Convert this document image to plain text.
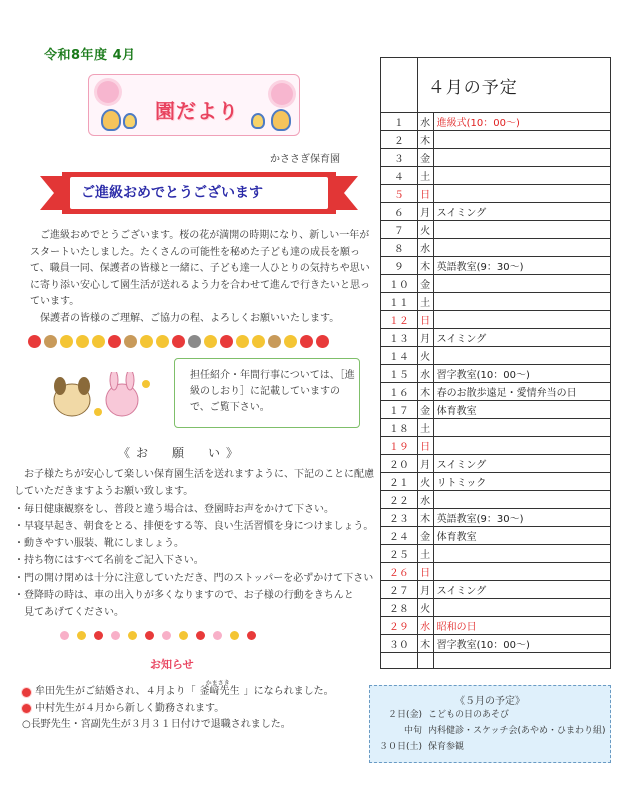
令和8年度 4月
園だより
かささぎ保育園
ご進級おめでとうございます

ご進級おめでとうございます。桜の花が満開の時期になり、新しい一年がスタートいたしました。たくさんの可能性を秘めた子ども達の成長を願って、職員一同、保護者の皆様と一緒に、子ども達一人ひとりの気持ちや思いに寄り添い安心して園生活が送れるよう力を合わせて進んで行きたいと思っています。

保護者の皆様のご理解、ご協力の程、よろしくお願いいたします。

担任紹介・年間行事については、［進級のしおり］に記載していますので、ご覧下さい。
《お　願　い》

お子様たちが安心して楽しい保育園生活を送れますように、下記のことに配慮していただきますようお願い致します。

・毎日健康観察をし、普段と違う場合は、登園時お声をかけて下さい。

・早寝早起き、朝食をとる、排便をする等、良い生活習慣を身につけましょう。

・動きやすい服装、靴にしましょう。

・持ち物にはすべて名前をご記入下さい。

・門の開け閉めは十分に注意していただき、門のストッパーを必ずかけて下さい

・登降時の時は、車の出入りが多くなりますので、お子様の行動をきちんと

見てあげてください。

お知らせ
牟田先生がご結婚され、４月より「
かまさき
釜﨑先生 」になられました。
中村先生が４月から新しく勤務されます。
○長野先生・宮副先生が３月３１日付けで退職されました。
	４月の予定	
１	水	進級式(10：00～)
２	木	
３	金	
４	土	
５	日	
６	月	スイミング
７	火	
８	水	
９	木	英語教室(9：30～)
１０	金	
１１	土	
１２	日	
１３	月	スイミング
１４	火	
１５	水	習字教室(10：00～)
１６	木	春のお散歩遠足・愛情弁当の日
１７	金	体育教室
１８	土	
１９	日	
２０	月	スイミング
２１	火	リトミック
２２	水	
２３	木	英語教室(9：30～)
２４	金	体育教室
２５	土	
２６	日	
２７	月	スイミング
２８	火	
２９	水	昭和の日
３０	木	習字教室(10：00～)

《５月の予定》
２日(金) こどもの日のあそび
中旬 内科健診・スケッチ会(あやめ・ひまわり組)
３０日(土) 保育参観
